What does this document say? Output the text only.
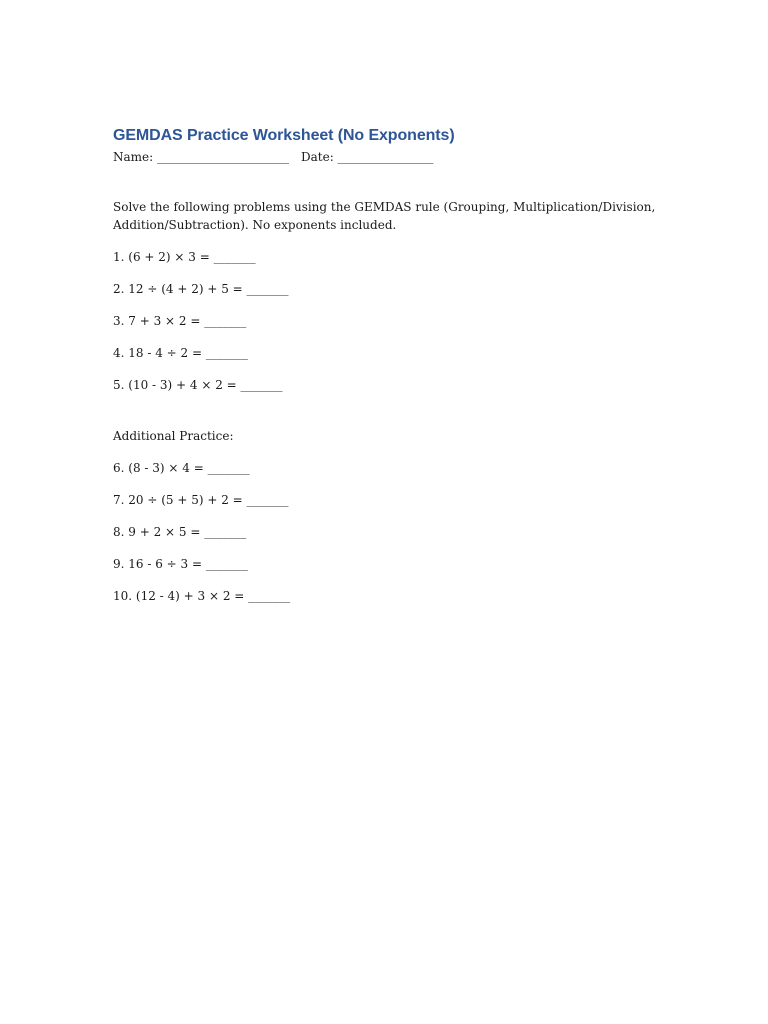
GEMDAS Practice Worksheet (No Exponents)
Name: ______________________ Date: ________________
Solve the following problems using the GEMDAS rule (Grouping, Multiplication/Division, Addition/Subtraction). No exponents included.
1. (6 + 2) × 3 = _______
2. 12 ÷ (4 + 2) + 5 = _______
3. 7 + 3 × 2 = _______
4. 18 - 4 ÷ 2 = _______
5. (10 - 3) + 4 × 2 = _______
Additional Practice:
6. (8 - 3) × 4 = _______
7. 20 ÷ (5 + 5) + 2 = _______
8. 9 + 2 × 5 = _______
9. 16 - 6 ÷ 3 = _______
10. (12 - 4) + 3 × 2 = _______
